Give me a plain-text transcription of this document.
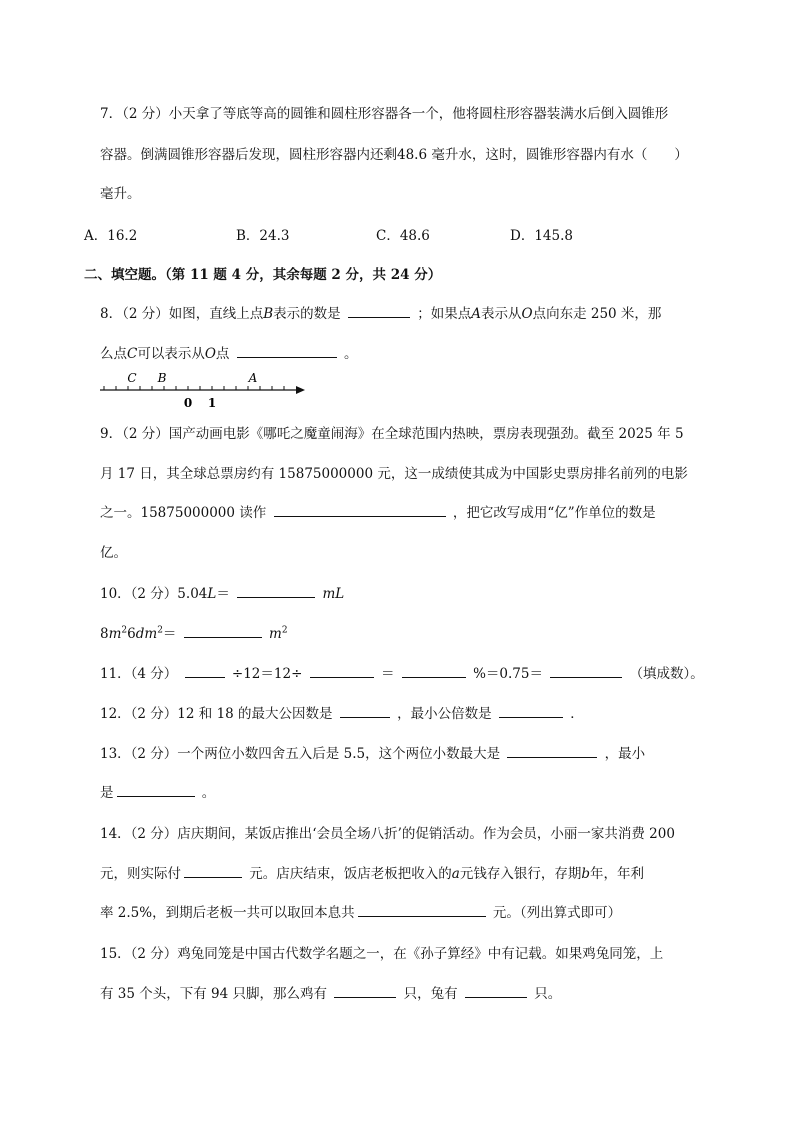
7．（2 分）小天拿了等底等高的圆锥和圆柱形容器各一个，他将圆柱形容器装满水后倒入圆锥形
容器。倒满圆锥形容器后发现，圆柱形容器内还剩48.6 毫升水，这时，圆锥形容器内有水（　　）
毫升。
A．16.2	B．24.3	C．48.6	D．145.8
二、填空题。（第 11 题 4 分，其余每题 2 分，共 24 分）
8．（2 分）如图，直线上点B表示的数是	；如果点A表示从O点向东走 250 米，那
么点C可以表示从O点	。
C B	A
0 1
9．（2 分）国产动画电影《哪吒之魔童闹海》在全球范围内热映，票房表现强劲。截至 2025 年 5
月 17 日，其全球总票房约有 15875000000 元，这一成绩使其成为中国影史票房排名前列的电影
之一。15875000000 读作	，把它改写成用“亿”作单位的数是
亿。
10．（2 分）5.04L＝	mL
$8m^26dm^2=$	$m^2$
11．（4 分）	÷12＝12÷	＝	%＝0.75＝	（填成数）。
12．（2 分）12 和 18 的最大公因数是	，最小公倍数是	．
13．（2 分）一个两位小数四舍五入后是 5.5，这个两位小数最大是	，最小
是	。
14．（2 分）店庆期间，某饭店推出‘会员全场八折’的促销活动。作为会员，小丽一家共消费 200
元，则实际付	元。店庆结束，饭店老板把收入的a元钱存入银行，存期b年，年利
率 2.5%，到期后老板一共可以取回本息共	元。（列出算式即可）
15．（2 分）鸡兔同笼是中国古代数学名题之一，在《孙子算经》中有记载。如果鸡兔同笼，上
有 35 个头，下有 94 只脚，那么鸡有	只，兔有	只。
